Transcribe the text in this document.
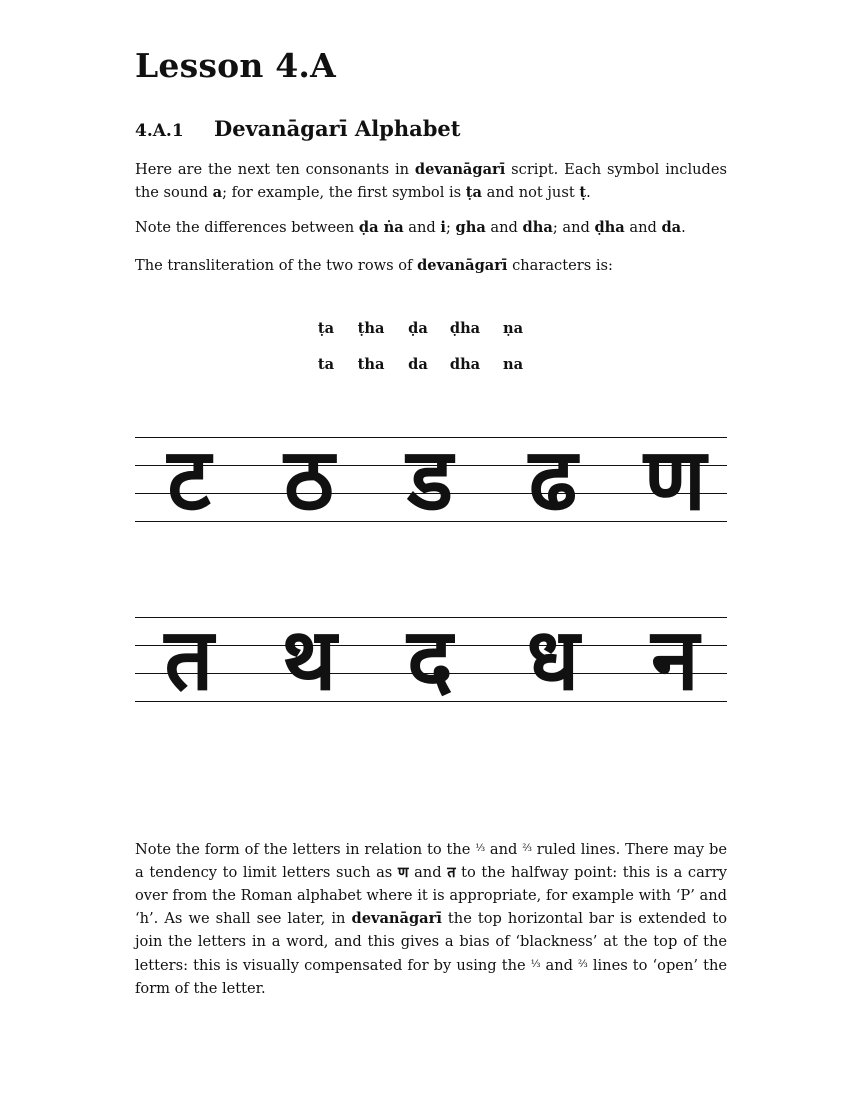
Lesson 4.A
4.A.1 Devanāgarī Alphabet

Here are the next ten consonants in devanāgarī script. Each symbol includes the sound a; for example, the first symbol is ṭa and not just ṭ.

Note the differences between ḍa ṅa and i; gha and dha; and ḍha and da.

The transliteration of the two rows of devanāgarī characters is:

ṭa	ṭha	ḍa	ḍha	ṇa
ta	tha	da	dha	na
ट ठ ड ढ ण
त थ द ध न

Note the form of the letters in relation to the $^{\frac{1}{3}}$ and $^{\frac{2}{3}}$ ruled lines. There may be a tendency to limit letters such as ण and त to the halfway point: this is a carry over from the Roman alphabet where it is appropriate, for example with ‘P’ and ‘h’. As we shall see later, in devanāgarī the top horizontal bar is extended to join the letters in a word, and this gives a bias of ‘blackness’ at the top of the letters: this is visually compensated for by using the $^{\frac{1}{3}}$ and $^{\frac{2}{3}}$ lines to ‘open’ the form of the letter.
